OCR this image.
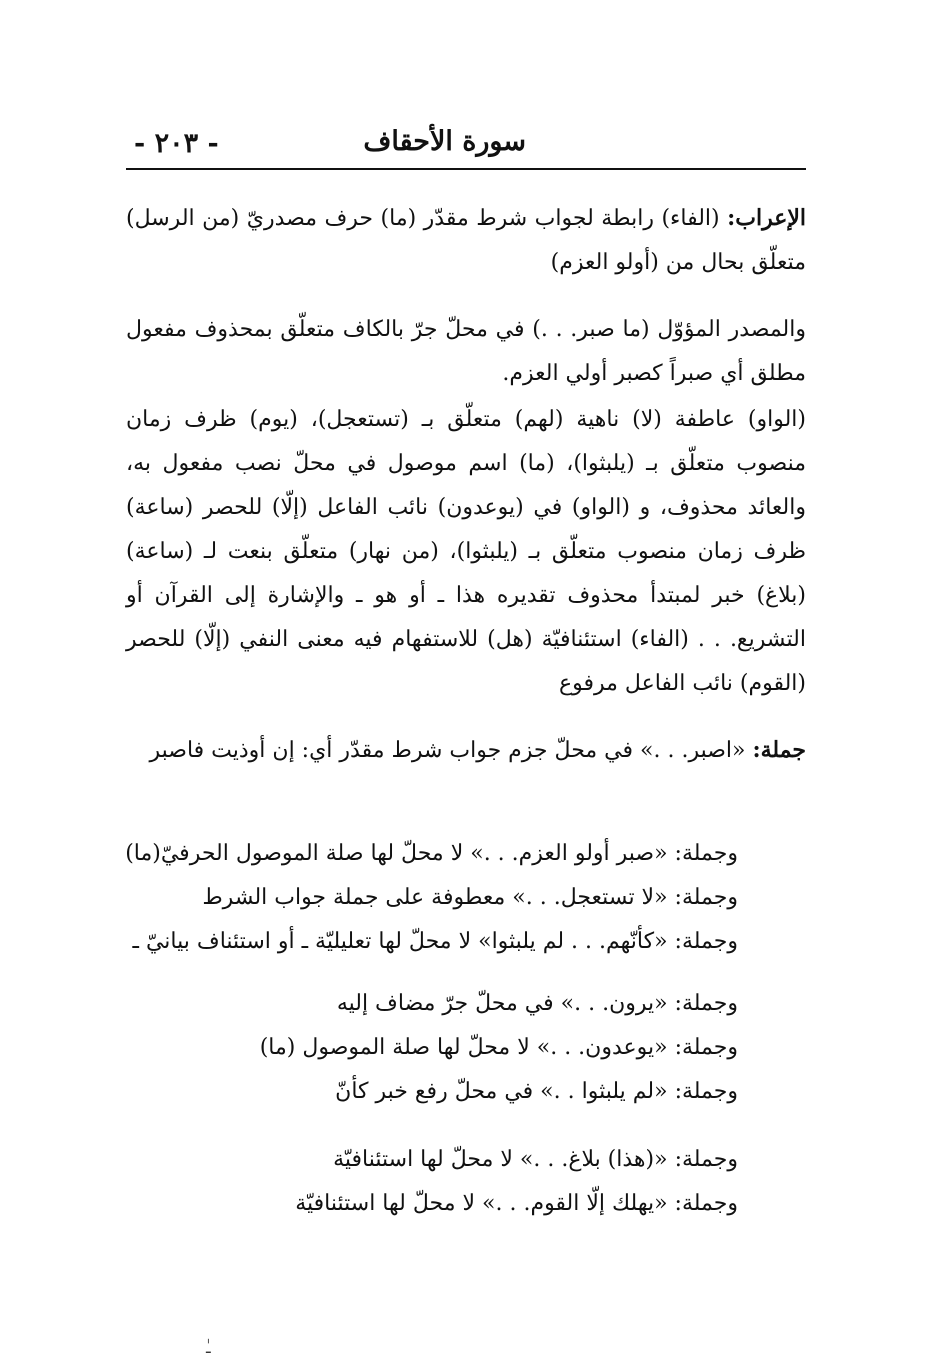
سورة الأحقاف
- ٢٠٣ -
الإعراب: (الفاء) رابطة لجواب شرط مقدّر (ما) حرف مصدريّ (من الرسل) متعلّق بحال من (أولو العزم)
والمصدر المؤوّل (ما صبر. . .) في محلّ جرّ بالكاف متعلّق بمحذوف مفعول مطلق أي صبراً كصبر أولي العزم.
(الواو) عاطفة (لا) ناهية (لهم) متعلّق بـ (تستعجل)، (يوم) ظرف زمان منصوب متعلّق بـ (يلبثوا)، (ما) اسم موصول في محلّ نصب مفعول به، والعائد محذوف، و (الواو) في (يوعدون) نائب الفاعل (إلّا) للحصر (ساعة) ظرف زمان منصوب متعلّق بـ (يلبثوا)، (من نهار) متعلّق بنعت لـ (ساعة) (بلاغ) خبر لمبتدأ محذوف تقديره هذا ـ أو هو ـ والإشارة إلى القرآن أو التشريع. . . (الفاء) استئنافيّة (هل) للاستفهام فيه معنى النفي (إلّا) للحصر (القوم) نائب الفاعل مرفوع
جملة: «اصبر. . .» في محلّ جزم جواب شرط مقدّر أي: إن أوذيت فاصبر
وجملة: «صبر أولو العزم. . .» لا محلّ لها صلة الموصول الحرفيّ(ما)
وجملة: «لا تستعجل. . .» معطوفة على جملة جواب الشرط
وجملة: «كأنّهم. . . لم يلبثوا» لا محلّ لها تعليليّة ـ أو استئناف بيانيّ ـ
وجملة: «يرون. . .» في محلّ جرّ مضاف إليه
وجملة: «يوعدون. . .» لا محلّ لها صلة الموصول (ما)
وجملة: «لم يلبثوا . .» في محلّ رفع خبر كأنّ
وجملة: «(هذا) بلاغ. . .» لا محلّ لها استئنافيّة
وجملة: «يهلك إلّا القوم. . .» لا محلّ لها استئنافيّة
ـٰ
